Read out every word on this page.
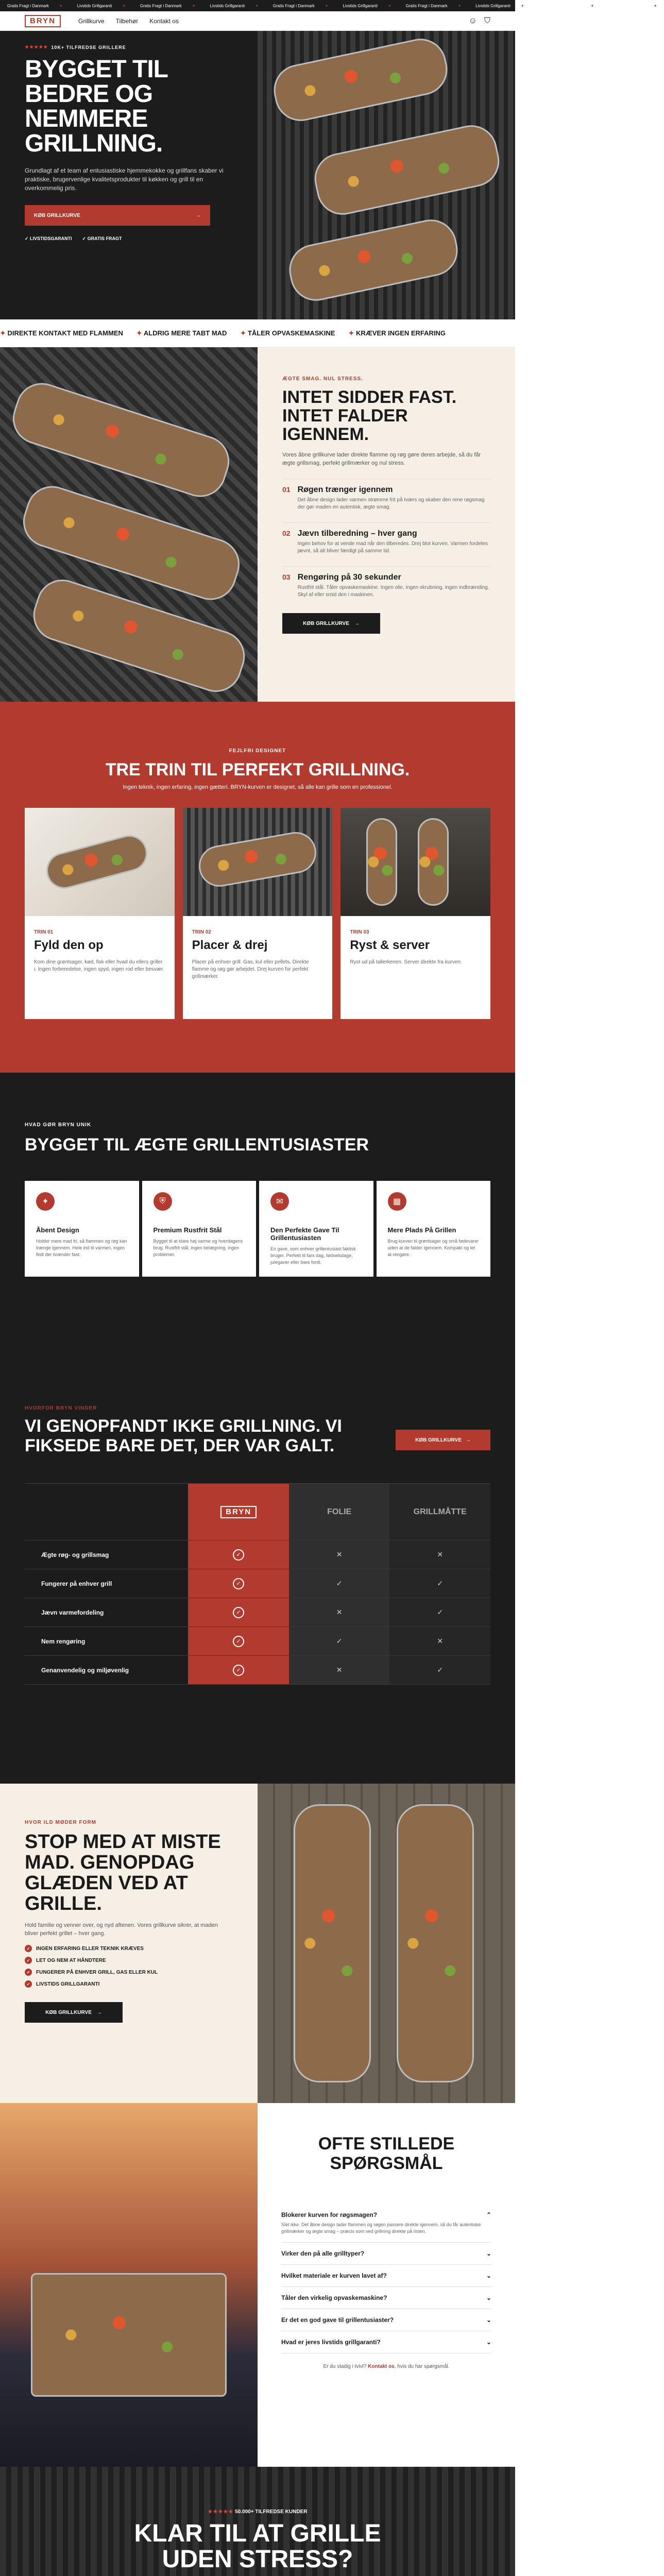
Gratis Fragt i Danmark ✦	Livstids Grillgaranti ✦	Gratis Fragt i Danmark ✦	Livstids Grillgaranti ✦	Gratis Fragt i Danmark ✦	Livstids Grillgaranti ✦	Gratis Fragt i Danmark ✦	Livstids Grillgaranti ✦	Gratis Fragt i Danmark ✦	Livstids Grillgaranti ✦
BRYN	Grillkurve Tilbehør Kontakt os	☺ ⛉
★★★★★ 10K+ TILFREDSE GRILLERE
BYGGET TIL BEDRE OG NEMMERE GRILLNING.

Grundlagt af et team af entusiastiske hjemmekokke og grillfans skaber vi praktiske, brugervenlige kvalitetsprodukter til køkken og grill til en overkommelig pris.

KØB GRILLKURVE	→
✓ LIVSTIDSGARANTI ✓ GRATIS FRAGT
✦ DIREKTE KONTAKT MED FLAMMEN	✦ ALDRIG MERE TABT MAD	✦ TÅLER OPVASKEMASKINE	✦ KRÆVER INGEN ERFARING
ÆGTE SMAG. NUL STRESS.
INTET SIDDER FAST. INTET FALDER IGENNEM.

Vores åbne grillkurve lader direkte flamme og røg gøre deres arbejde, så du får ægte grillsmag, perfekt grillmærker og nul stress.

01 Røgen trænger igennem

Det åbne design lader varmen strømme frit på tværs og skaber den rene røgsmag der gør maden en autentisk, ægte smag.

02 Jævn tilberedning – hver gang

Ingen behov for at vende mad når den tilberedes. Drej blot kurven. Varmen fordeles jævnt, så alt bliver færdigt på samme tid.

03 Rengøring på 30 sekunder

Rustfrit stål. Tåler opvaskemaskine. Ingen olie, ingen skrubning, ingen indbrænding. Skyl af eller smid den i maskinen.

KØB GRILLKURVE →
FEJLFRI DESIGNET
TRE TRIN TIL PERFEKT GRILLNING.
Ingen teknik, ingen erfaring, ingen gætteri. BRYN-kurven er designet, så alle kan grille som en professionel.
TRIN 01
Fyld den op

Kom dine grøntsager, kød, fisk eller hvad du ellers griller i. Ingen forberedelse, ingen spyd, ingen rod eller besvær.

TRIN 02
Placer & drej

Placer på enhver grill. Gas, kul eller pellets. Direkte flamme og røg gør arbejdet. Drej kurven for perfekt grillmærker.

TRIN 03
Ryst & server

Ryst ud på tallerkenen. Server direkte fra kurven.

HVAD GØR BRYN UNIK
BYGGET TIL ÆGTE GRILLENTUSIASTER
✦
Åbent Design

Holder mere mad fri, så flammen og røg kan trænge igennem. Hele ind til varmen, ingen fedt der brænder fast.

⛨
Premium Rustfrit Stål

Bygget til at klare høj varme og hverdagens brug. Rustfrit stål, ingen belægning, ingen problemer.

✉
Den Perfekte Gave Til Grillentusiasten

En gave, som enhver grillentusiast faktisk bruger. Perfekt til fars dag, fødselsdage, julegaver eller bare fordi.

▦
Mere Plads På Grillen

Brug kurven til grøntsager og små fødevarer uden at de falder igennem. Kompakt og let at rengøre.

HVORFOR BRYN VINDER
VI GENOPFANDT IKKE GRILLNING. VI FIKSEDE BARE DET, DER VAR GALT.	KØB GRILLKURVE →
BRYN	FOLIE	GRILLMÅTTE
Ægte røg- og grillsmag	✓	✕	✕
Fungerer på enhver grill	✓	✓	✓
Jævn varmefordeling	✓	✕	✓
Nem rengøring	✓	✓	✕
Genanvendelig og miljøvenlig	✓	✕	✓
HVOR ILD MØDER FORM
STOP MED AT MISTE MAD. GENOPDAG GLÆDEN VED AT GRILLE.

Hold familie og venner over, og nyd aftenen. Vores grillkurve sikrer, at maden bliver perfekt grillet – hver gang.

✓	INGEN ERFARING ELLER TEKNIK KRÆVES
✓	LET OG NEM AT HÅNDTERE
✓	FUNGERER PÅ ENHVER GRILL, GAS ELLER KUL
✓	LIVSTIDS GRILLGARANTI
KØB GRILLKURVE →
OFTE STILLEDE SPØRGSMÅL
Blokerer kurven for røgsmagen?	⌃
Slet ikke. Det åbne design lader flammen og røgen passere direkte igennem, så du får autentiske grillmærker og ægte smag – præcis som ved grillning direkte på risten.
Virker den på alle grilltyper?	⌄
Hvilket materiale er kurven lavet af?	⌄
Tåler den virkelig opvaskemaskine?	⌄
Er det en god gave til grillentusiaster?	⌄
Hvad er jeres livstids grillgaranti?	⌄
Er du stadig i tvivl? Kontakt os, hvis du har spørgsmål.
★★★★★ 50.000+ TILFREDSE KUNDER
KLAR TIL AT GRILLE UDEN STRESS?
